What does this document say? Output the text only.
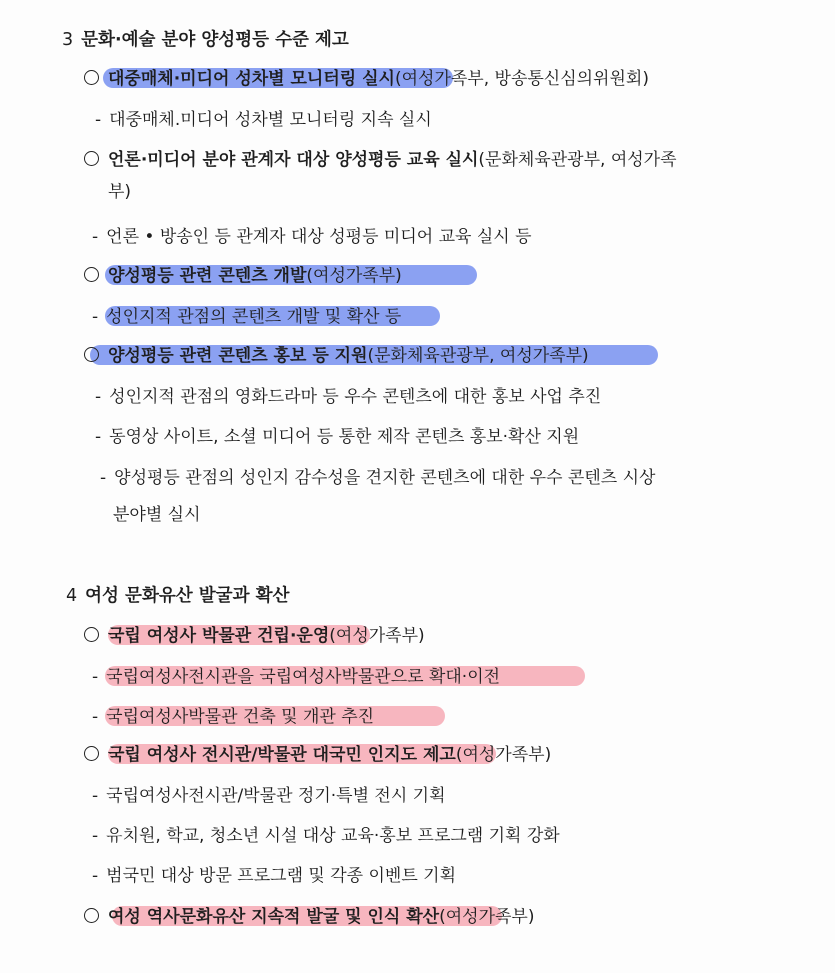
3 문화·예술 분야 양성평등 수준 제고
대중매체·미디어 성차별 모니터링 실시(여성가족부, 방송통신심의위원회)
- 대중매체.미디어 성차별 모니터링 지속 실시
언론·미디어 분야 관계자 대상 양성평등 교육 실시(문화체육관광부, 여성가족
부)
- 언론 • 방송인 등 관계자 대상 성평등 미디어 교육 실시 등
양성평등 관련 콘텐츠 개발(여성가족부)
- 성인지적 관점의 콘텐츠 개발 및 확산 등
양성평등 관련 콘텐츠 홍보 등 지원(문화체육관광부, 여성가족부)
- 성인지적 관점의 영화드라마 등 우수 콘텐츠에 대한 홍보 사업 추진
- 동영상 사이트, 소셜 미디어 등 통한 제작 콘텐츠 홍보·확산 지원
- 양성평등 관점의 성인지 감수성을 견지한 콘텐츠에 대한 우수 콘텐츠 시상
분야별 실시
4 여성 문화유산 발굴과 확산
국립 여성사 박물관 건립·운영(여성가족부)
- 국립여성사전시관을 국립여성사박물관으로 확대·이전
- 국립여성사박물관 건축 및 개관 추진
국립 여성사 전시관/박물관 대국민 인지도 제고(여성가족부)
- 국립여성사전시관/박물관 정기·특별 전시 기획
- 유치원, 학교, 청소년 시설 대상 교육·홍보 프로그램 기획 강화
- 범국민 대상 방문 프로그램 및 각종 이벤트 기획
여성 역사문화유산 지속적 발굴 및 인식 확산(여성가족부)
